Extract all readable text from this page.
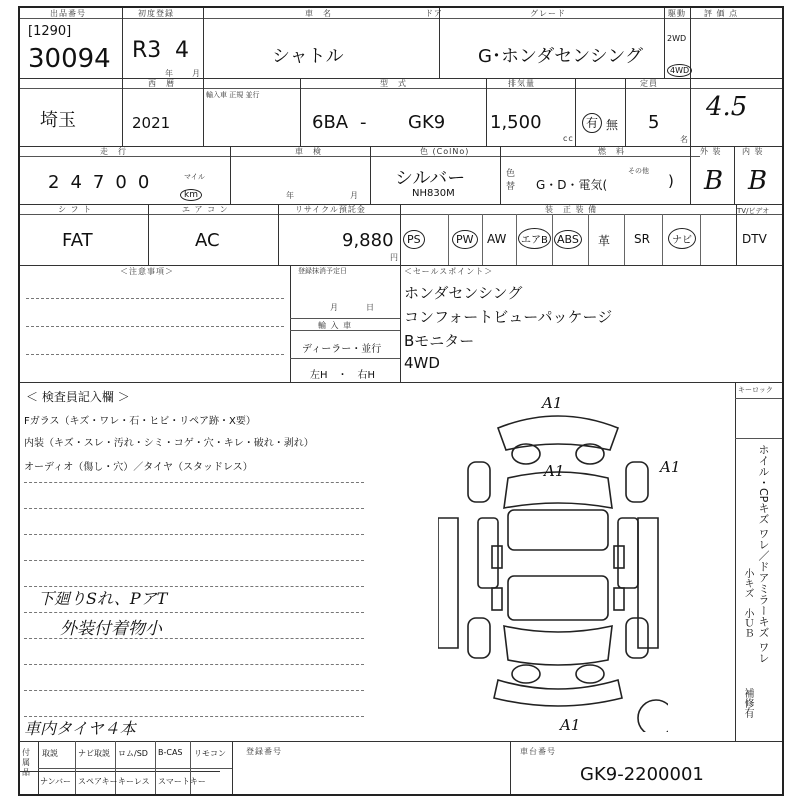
出品番号
[1290]
30094
初度登録
R3 4
年 月
車　名
シャトル
ドア	グレード
G･ホンダセンシング
駆動
2WD
4WD
評 価 点
4.5
埼玉
西　暦
2021
輸入車 正規 並行
型　式
6BA - GK9
排気量
1,500
cc
有 無
定員
5
名
走　行
24700	マイル
km
車　検
年	月
色 (ColNo)
シルバー
NH830M
色替
燃　料
G・D・電気(
その他
)
外 装	内 装
B B
シ フ ト
FAT
エ ア コ ン
AC
リサイクル預託金
9,880
円
装　正 装 備	TV/ビデオ
PS	PW	AW	エアB ABS 革 SR	ナビ	DTV
＜注意事項＞	登録抹消予定日
月　　　日
輸 入 車
ディーラー・並行
左H　・　右H
＜セールスポイント＞
ホンダセンシング
コンフォートビューパッケージ
Bモニター
4WD
＜ 検査員記入欄 ＞
Fガラス（キズ・ワレ・石・ヒビ・リペア跡・X要）
内装（キズ・スレ・汚れ・シミ・コゲ・穴・キレ・破れ・剥れ）
オーディオ（傷し・穴）／タイヤ（スタッドレス）
下廻りSれ、PアT
外装付着物小
車内タイヤ４本
A1
A1	A1
A1
キーロック
ホイル・CPキズ ワレ／ドアミラーキズ ワレ
小キズ　小ＵＢ
補修有
付属品
取説	ナビ取説 ロム/SD B-CAS リモコン
ナンバー スペアキー キーレス スマートキー
登録番号	車台番号
GK9-2200001
